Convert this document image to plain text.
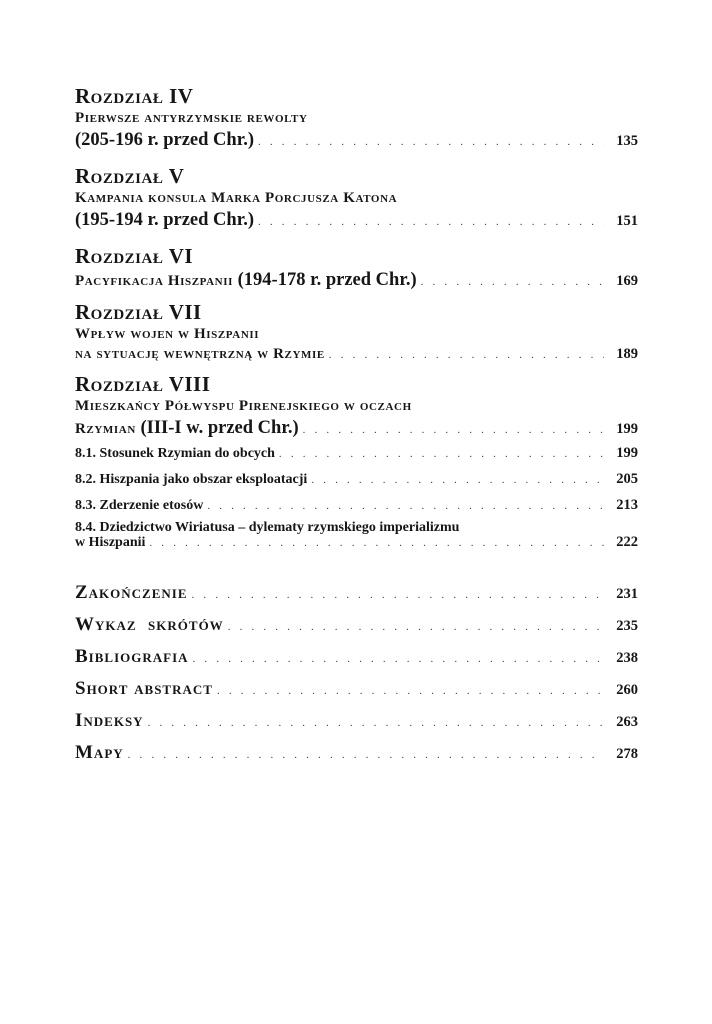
Rozdział IV
Pierwsze antyrzymskie rewolty
(205-196 r. przed Chr.) . . .	135
Rozdział V
Kampania konsula Marka Porcjusza Katona
(195-194 r. przed Chr.) . . .	151
Rozdział VI
Pacyfikacja Hiszpanii (194-178 r. przed Chr.) . . .	169
Rozdział VII
Wpływ wojen w Hiszpanii
na sytuację wewnętrzną w Rzymie . . .	189
Rozdział VIII
Mieszkańcy Półwyspu Pirenejskiego w oczach
Rzymian (III-I w. przed Chr.) . . .	199
8.1. Stosunek Rzymian do obcych . . .	199
8.2. Hiszpania jako obszar eksploatacji . . .	205
8.3. Zderzenie etosów . . .	213
8.4. Dziedzictwo Wiriatusa – dylematy rzymskiego imperializmu
w Hiszpanii . . .	222
Zakończenie . . .	231
Wykaz  skrótów . . .	235
Bibliografia . . .	238
Short abstract . . .	260
Indeksy . . .	263
Mapy . . .	278
